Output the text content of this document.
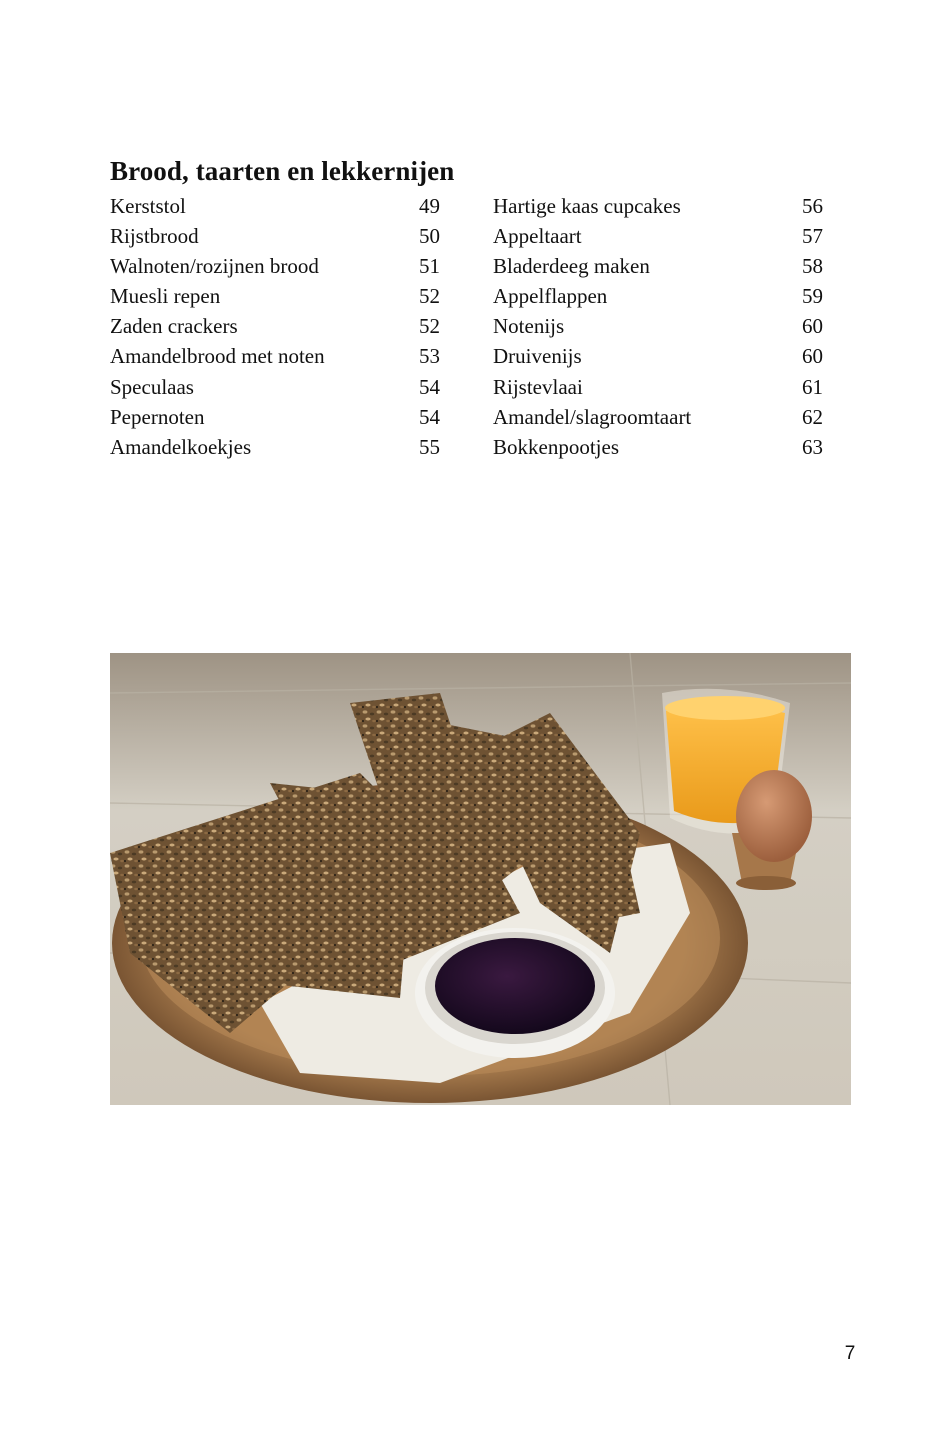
Brood, taarten en lekkernijen
Kerststol	49
Rijstbrood	50
Walnoten/rozijnen brood	51
Muesli repen	52
Zaden crackers	52
Amandelbrood met noten	53
Speculaas	54
Pepernoten	54
Amandelkoekjes	55
Hartige kaas cupcakes	56
Appeltaart	57
Bladerdeeg maken	58
Appelflappen	59
Notenijs	60
Druivenijs	60
Rijstevlaai	61
Amandel/slagroomtaart	62
Bokkenpootjes	63
7
